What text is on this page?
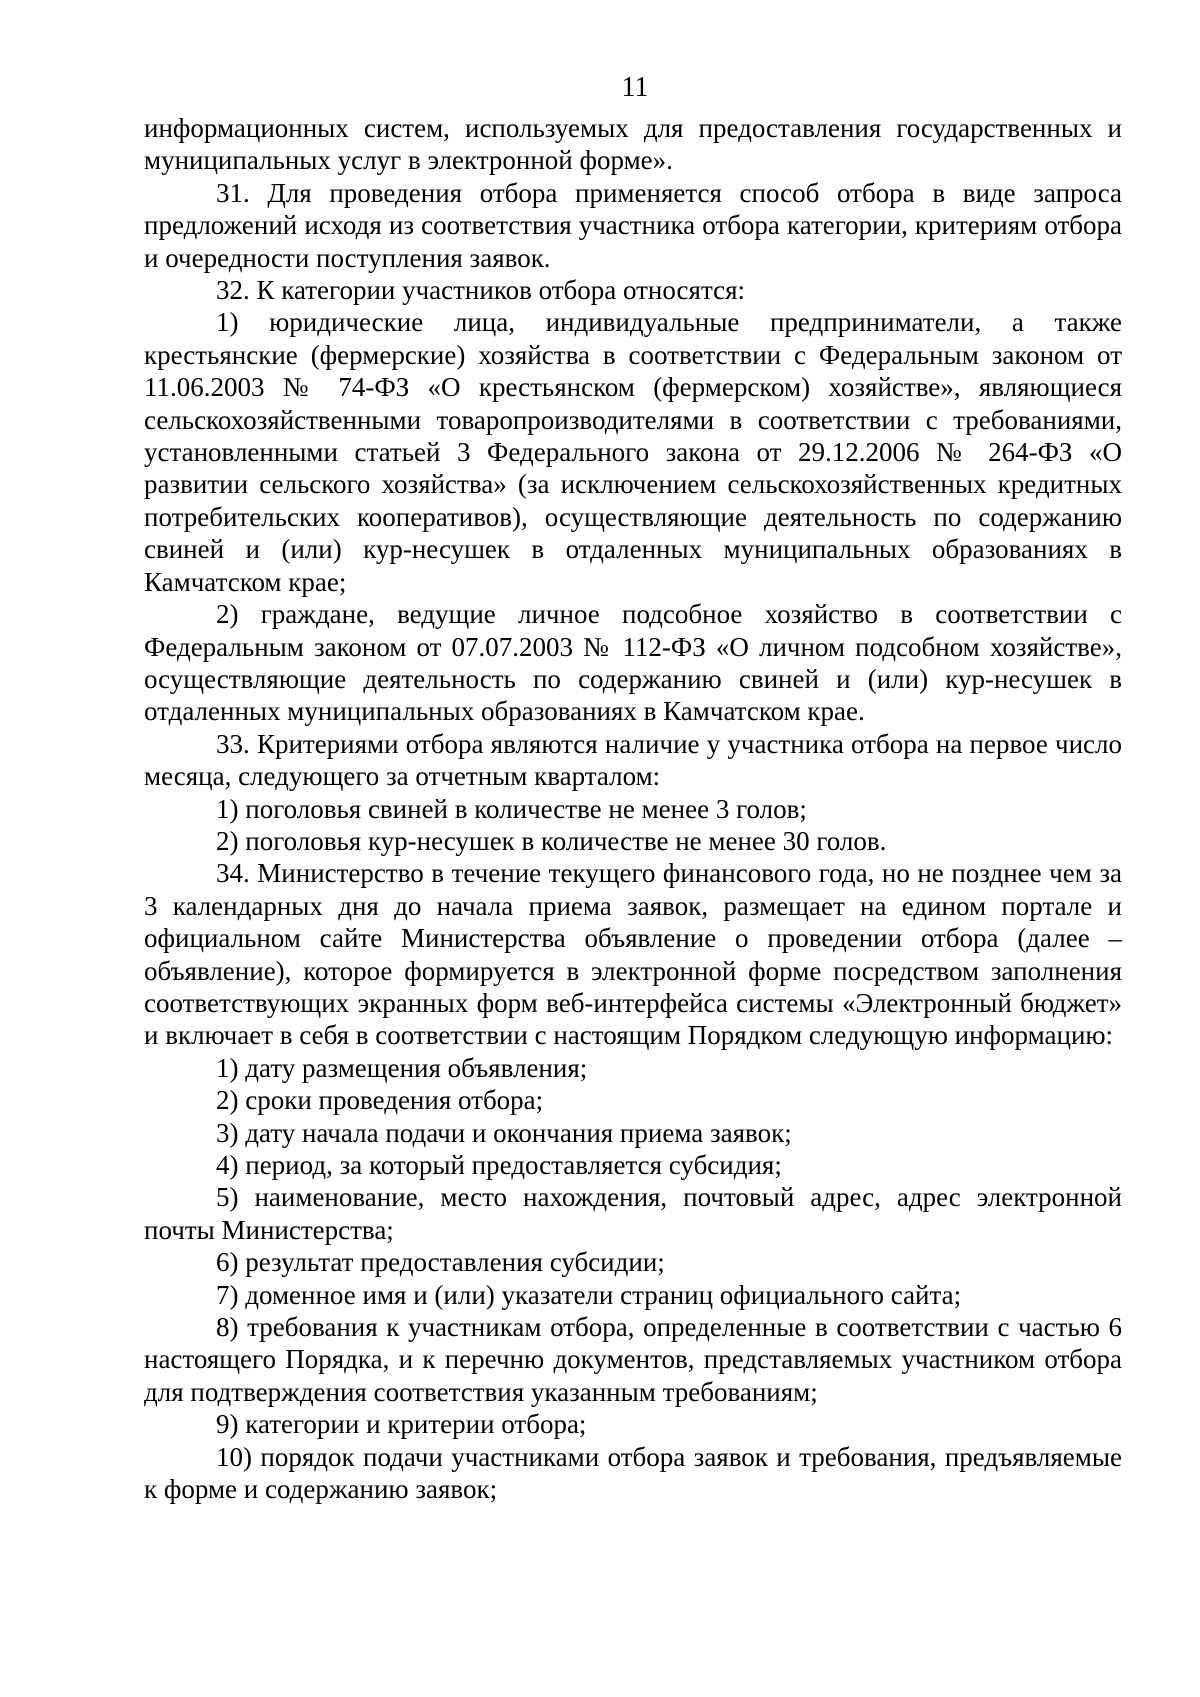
11

информационных систем, используемых для предоставления государственных и муниципальных услуг в электронной форме».

31. Для проведения отбора применяется способ отбора в виде запроса предложений исходя из соответствия участника отбора категории, критериям отбора и очередности поступления заявок.

32. К категории участников отбора относятся:

1) юридические лица, индивидуальные предприниматели, а также крестьянские (фермерские) хозяйства в соответствии с Федеральным законом от 11.06.2003 № 74-ФЗ «О крестьянском (фермерском) хозяйстве», являющиеся сельскохозяйственными товаропроизводителями в соответствии с требованиями, установленными статьей 3 Федерального закона от 29.12.2006 № 264-ФЗ «О развитии сельского хозяйства» (за исключением сельскохозяйственных кредитных потребительских кооперативов), осуществляющие деятельность по содержанию свиней и (или) кур-несушек в отдаленных муниципальных образованиях в Камчатском крае;

2) граждане, ведущие личное подсобное хозяйство в соответствии с Федеральным законом от 07.07.2003 № 112-ФЗ «О личном подсобном хозяйстве», осуществляющие деятельность по содержанию свиней и (или) кур-несушек в отдаленных муниципальных образованиях в Камчатском крае.

33. Критериями отбора являются наличие у участника отбора на первое число месяца, следующего за отчетным кварталом:

1) поголовья свиней в количестве не менее 3 голов;

2) поголовья кур-несушек в количестве не менее 30 голов.

34. Министерство в течение текущего финансового года, но не позднее чем за 3 календарных дня до начала приема заявок, размещает на едином портале и официальном сайте Министерства объявление о проведении отбора (далее – объявление), которое формируется в электронной форме посредством заполнения соответствующих экранных форм веб-интерфейса системы «Электронный бюджет» и включает в себя в соответствии с настоящим Порядком следующую информацию:

1) дату размещения объявления;

2) сроки проведения отбора;

3) дату начала подачи и окончания приема заявок;

4) период, за который предоставляется субсидия;

5) наименование, место нахождения, почтовый адрес, адрес электронной почты Министерства;

6) результат предоставления субсидии;

7) доменное имя и (или) указатели страниц официального сайта;

8) требования к участникам отбора, определенные в соответствии с частью 6 настоящего Порядка, и к перечню документов, представляемых участником отбора для подтверждения соответствия указанным требованиям;

9) категории и критерии отбора;

10) порядок подачи участниками отбора заявок и требования, предъявляемые к форме и содержанию заявок;
